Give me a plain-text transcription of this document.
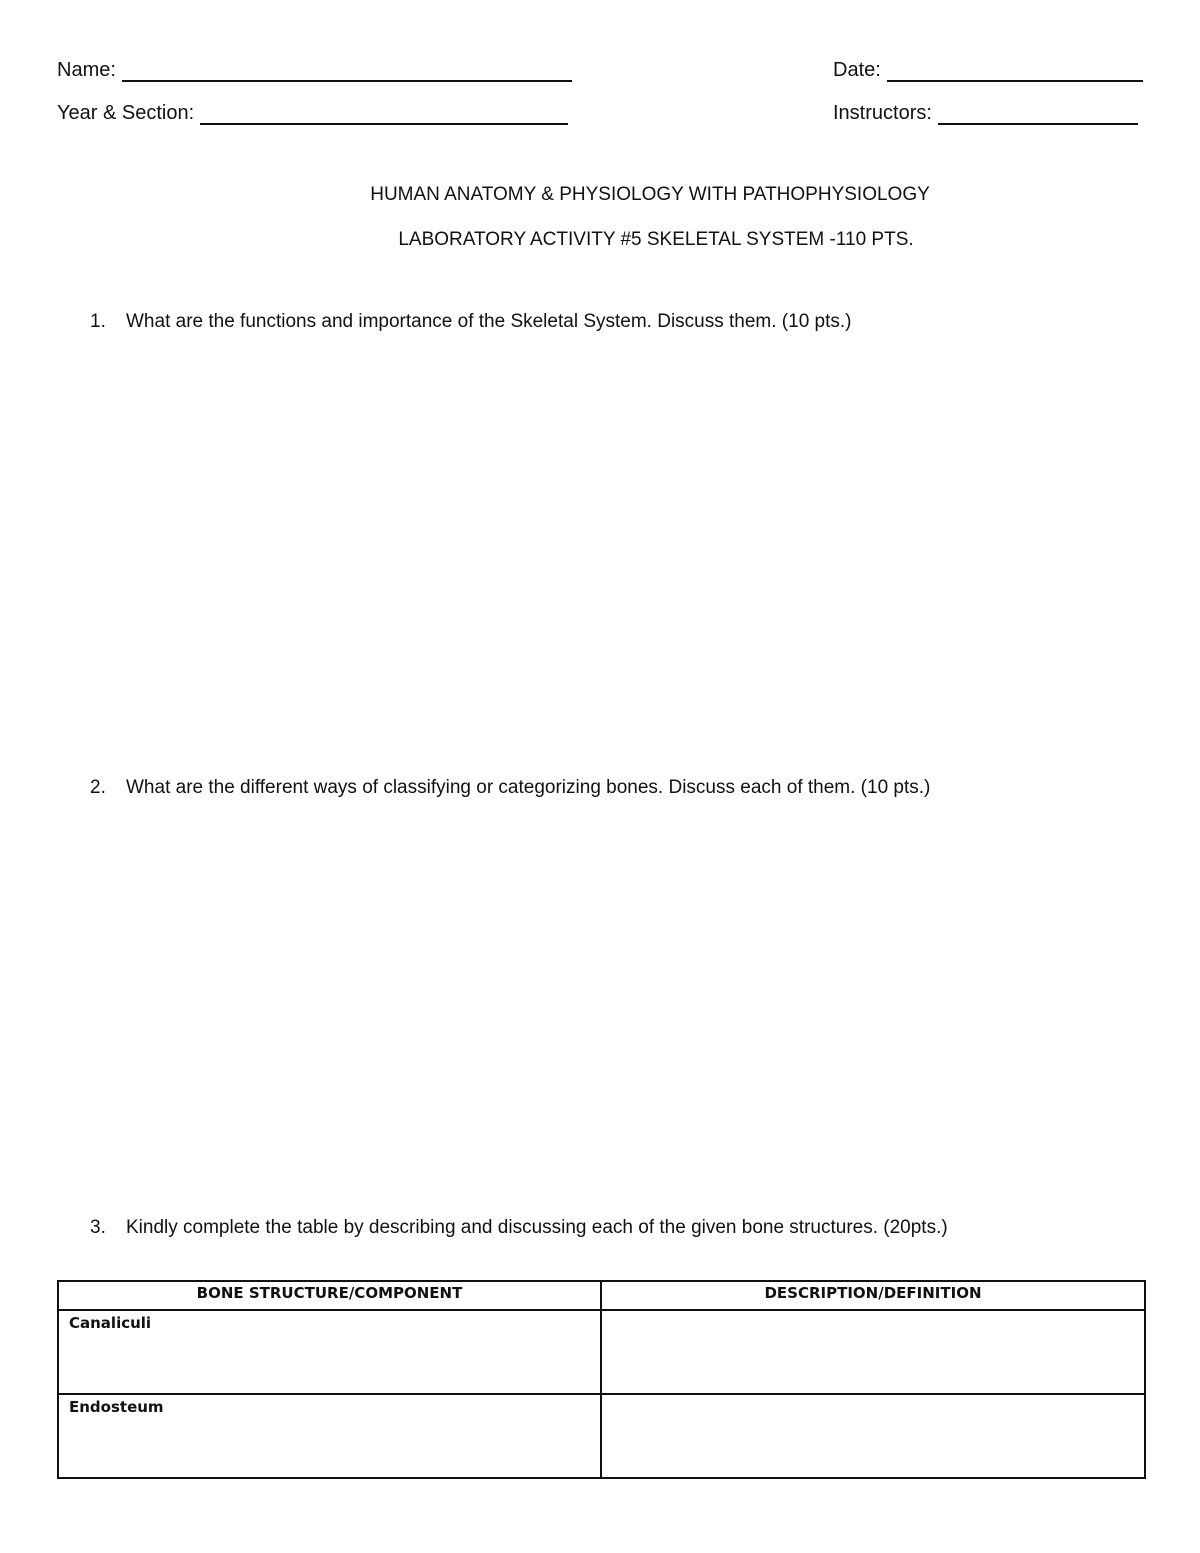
Name:	Date:
Year & Section:	Instructors:
HUMAN ANATOMY & PHYSIOLOGY WITH PATHOPHYSIOLOGY
LABORATORY ACTIVITY #5 SKELETAL SYSTEM -110 PTS.
1.	What are the functions and importance of the Skeletal System. Discuss them. (10 pts.)
2.	What are the different ways of classifying or categorizing bones. Discuss each of them. (10 pts.)
3.	Kindly complete the table by describing and discussing each of the given bone structures. (20pts.)
BONE STRUCTURE/COMPONENT	DESCRIPTION/DEFINITION
Canaliculi	
Endosteum	
